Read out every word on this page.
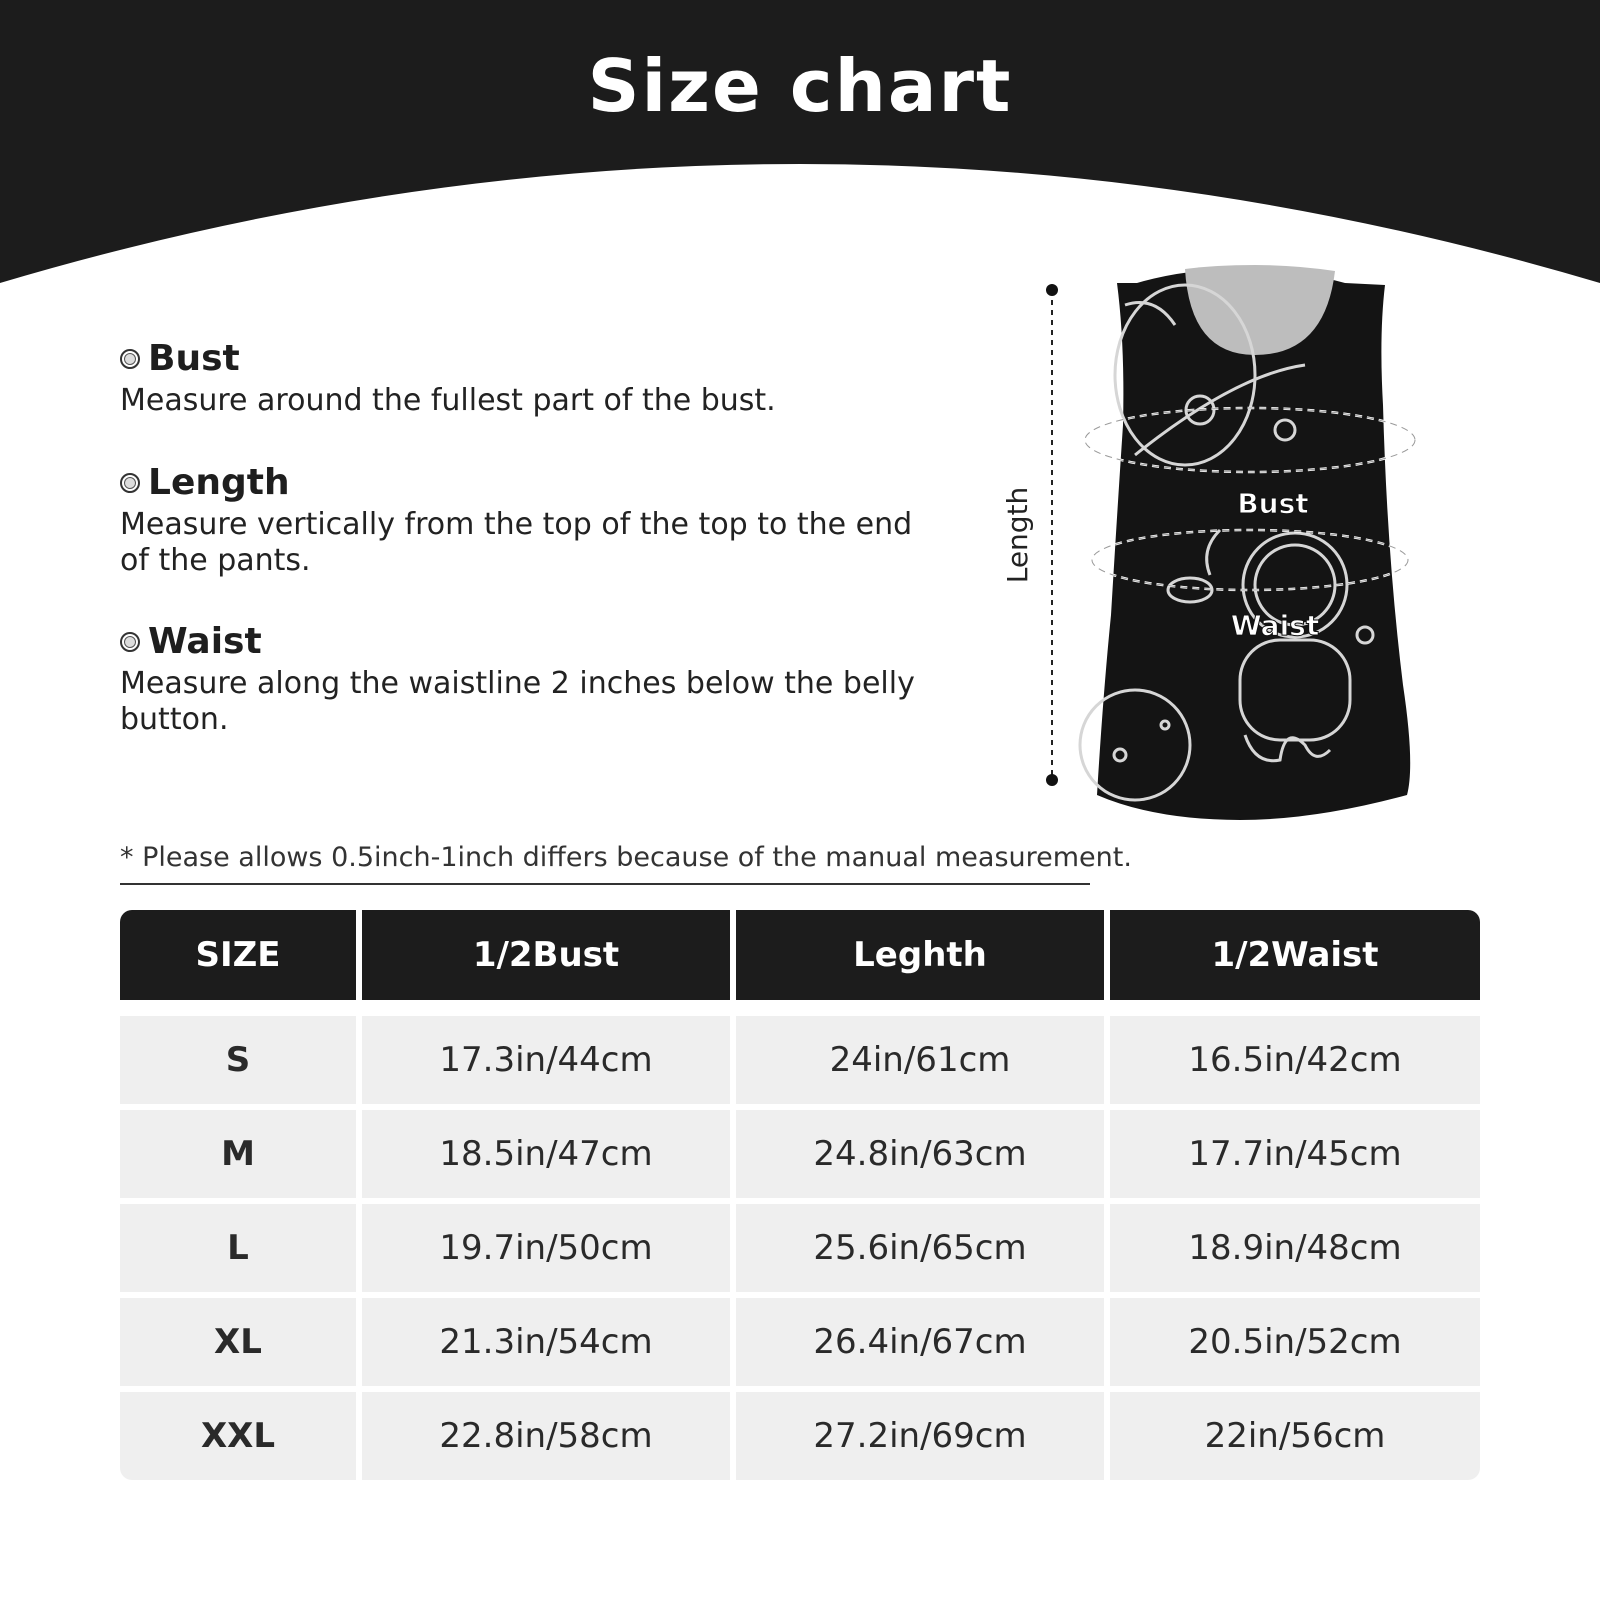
Size chart
Bust
Measure around the fullest part of the bust.
Length
Measure vertically from the top of the top to the end of the pants.
Waist
Measure along the waistline 2 inches below the belly button.
Length	Bust
Waist
* Please allows 0.5inch-1inch differs because of the manual measurement.
SIZE	1/2Bust	Leghth	1/2Waist
S	17.3in/44cm	24in/61cm	16.5in/42cm
M	18.5in/47cm	24.8in/63cm	17.7in/45cm
L	19.7in/50cm	25.6in/65cm	18.9in/48cm
XL	21.3in/54cm	26.4in/67cm	20.5in/52cm
XXL	22.8in/58cm	27.2in/69cm	22in/56cm
